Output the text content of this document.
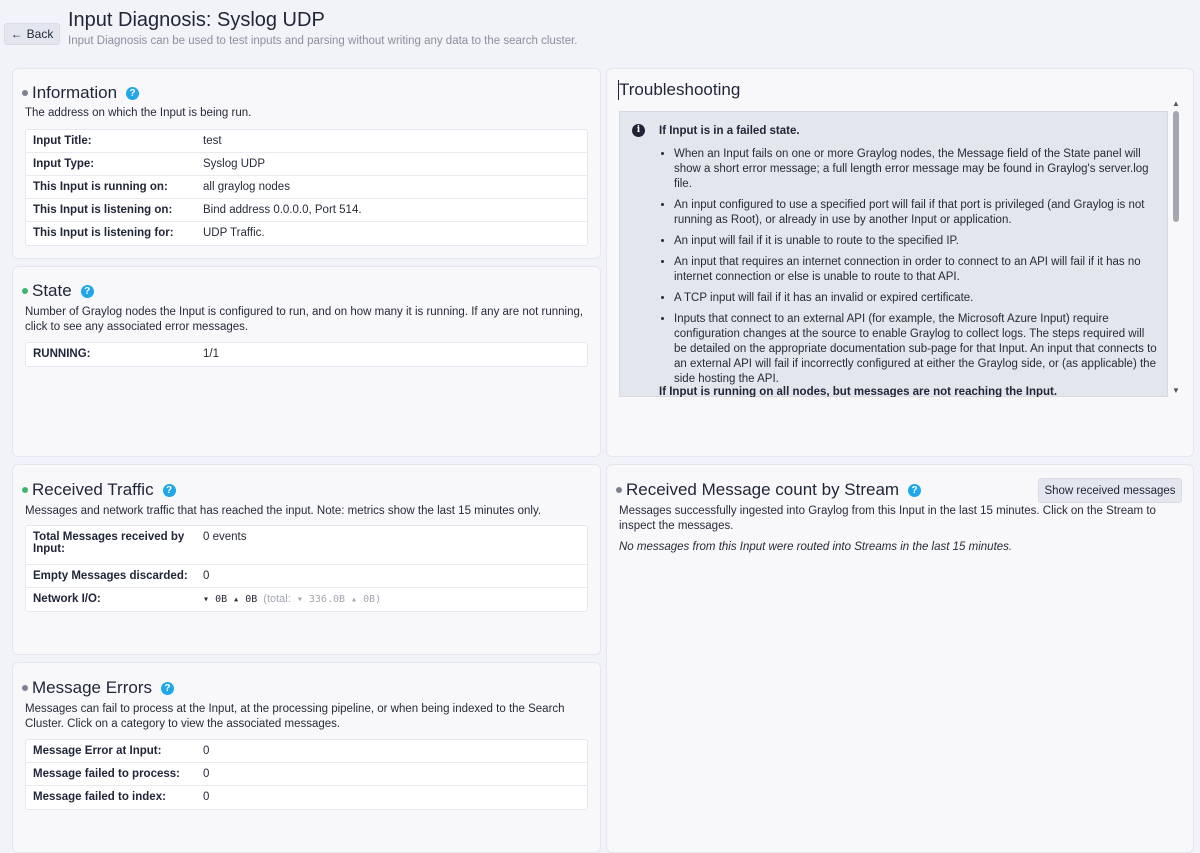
← Back
Input Diagnosis: Syslog UDP
Input Diagnosis can be used to test inputs and parsing without writing any data to the search cluster.
Information	?
The address on which the Input is being run.
Input Title:	test
Input Type:	Syslog UDP
This Input is running on:	all graylog nodes
This Input is listening on:	Bind address 0.0.0.0, Port 514.
This Input is listening for:	UDP Traffic.
State	?
Number of Graylog nodes the Input is configured to run, and on how many it is running. If any are not running, click to see any associated error messages.
RUNNING:	1/1
Received Traffic	?
Messages and network traffic that has reached the input. Note: metrics show the last 15 minutes only.
Total Messages received by
Input:
0 events
Empty Messages discarded:	0
Network I/O:	▾ 0B ▴ 0B (total: ▾ 336.0B ▴ 0B)
Message Errors	?
Messages can fail to process at the Input, at the processing pipeline, or when being indexed to the Search Cluster. Click on a category to view the associated messages.
Message Error at Input:	0
Message failed to process:	0
Message failed to index:	0
Troubleshooting
i	If Input is in a failed state.
• When an Input fails on one or more Graylog nodes, the Message field of the State panel will show a short error message; a full length error message may be found in Graylog's server.log file.
• An input configured to use a specified port will fail if that port is privileged (and Graylog is not running as Root), or already in use by another Input or application.
• An input will fail if it is unable to route to the specified IP.
• An input that requires an internet connection in order to connect to an API will fail if it has no internet connection or else is unable to route to that API.
• A TCP input will fail if it has an invalid or expired certificate.
• Inputs that connect to an external API (for example, the Microsoft Azure Input) require configuration changes at the source to enable Graylog to collect logs. The steps required will be detailed on the appropriate documentation sub-page for that Input. An input that connects to an external API will fail if incorrectly configured at either the Graylog side, or (as applicable) the side hosting the API.
If Input is running on all nodes, but messages are not reaching the Input.
▲
▼
Received Message count by Stream	?	Show received messages
Messages successfully ingested into Graylog from this Input in the last 15 minutes. Click on the Stream to inspect the messages.
No messages from this Input were routed into Streams in the last 15 minutes.
